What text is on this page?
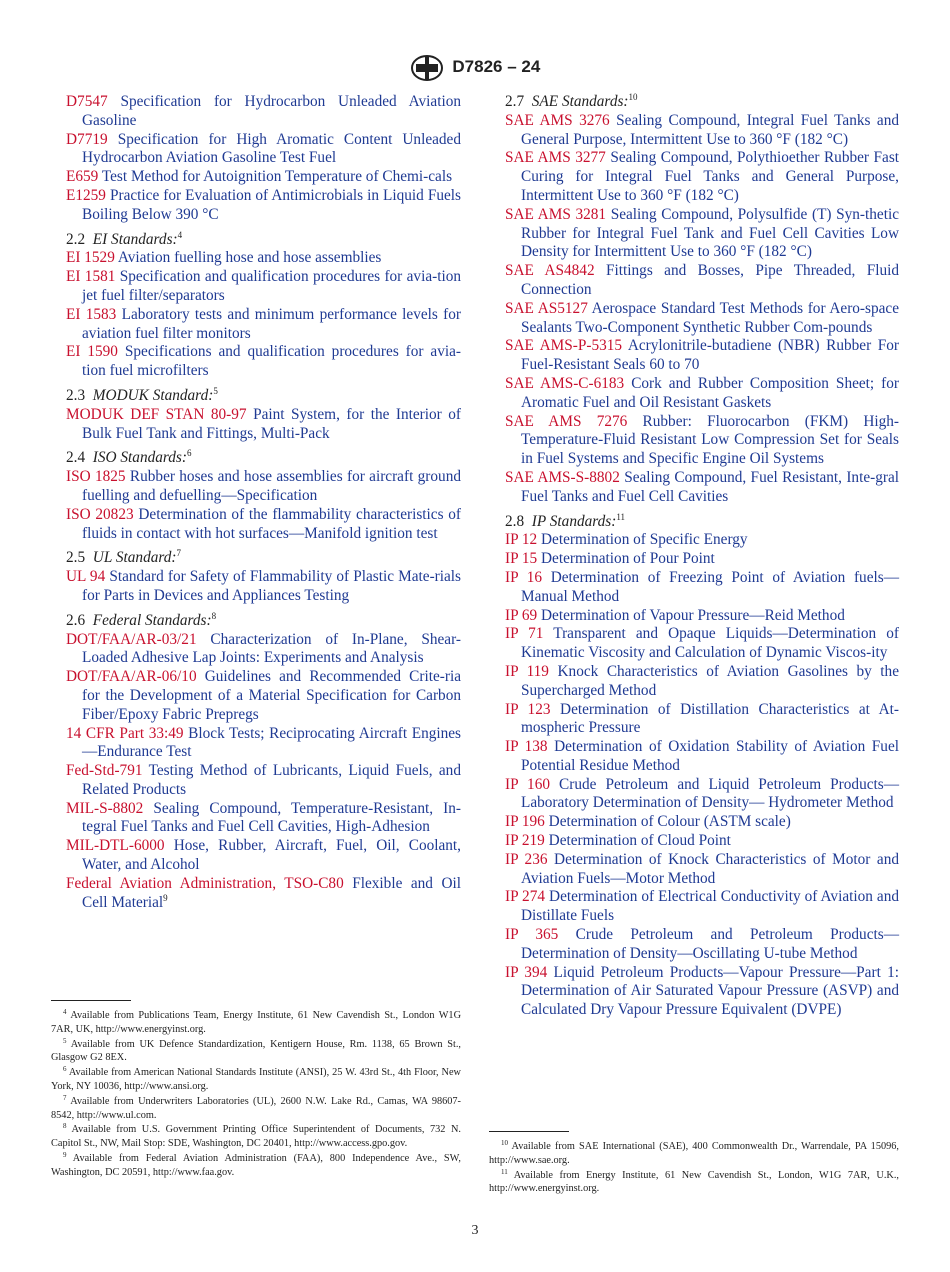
D7826 – 24

D7547 Specification for Hydrocarbon Unleaded Aviation Gasoline

D7719 Specification for High Aromatic Content Unleaded Hydrocarbon Aviation Gasoline Test Fuel

E659 Test Method for Autoignition Temperature of Chemi-cals

E1259 Practice for Evaluation of Antimicrobials in Liquid Fuels Boiling Below 390 °C

2.2 EI Standards:$^4$

EI 1529 Aviation fuelling hose and hose assemblies

EI 1581 Specification and qualification procedures for avia-tion jet fuel filter/separators

EI 1583 Laboratory tests and minimum performance levels for aviation fuel filter monitors

EI 1590 Specifications and qualification procedures for avia-tion fuel microfilters

2.3 MODUK Standard:$^5$

MODUK DEF STAN 80-97 Paint System, for the Interior of Bulk Fuel Tank and Fittings, Multi-Pack

2.4 ISO Standards:$^6$

ISO 1825 Rubber hoses and hose assemblies for aircraft ground fuelling and defuelling—Specification

ISO 20823 Determination of the flammability characteristics of fluids in contact with hot surfaces—Manifold ignition test

2.5 UL Standard:$^7$

UL 94 Standard for Safety of Flammability of Plastic Mate-rials for Parts in Devices and Appliances Testing

2.6 Federal Standards:$^8$

DOT/FAA/AR-03/21 Characterization of In-Plane, Shear-Loaded Adhesive Lap Joints: Experiments and Analysis

DOT/FAA/AR-06/10 Guidelines and Recommended Crite-ria for the Development of a Material Specification for Carbon Fiber/Epoxy Fabric Prepregs

14 CFR Part 33:49 Block Tests; Reciprocating Aircraft Engines—Endurance Test

Fed-Std-791 Testing Method of Lubricants, Liquid Fuels, and Related Products

MIL-S-8802 Sealing Compound, Temperature-Resistant, In-tegral Fuel Tanks and Fuel Cell Cavities, High-Adhesion

MIL-DTL-6000 Hose, Rubber, Aircraft, Fuel, Oil, Coolant, Water, and Alcohol

Federal Aviation Administration, TSO-C80 Flexible and Oil Cell Material$^9$

2.7 SAE Standards:$^{10}$

SAE AMS 3276 Sealing Compound, Integral Fuel Tanks and General Purpose, Intermittent Use to 360 °F (182 °C)

SAE AMS 3277 Sealing Compound, Polythioether Rubber Fast Curing for Integral Fuel Tanks and General Purpose, Intermittent Use to 360 °F (182 °C)

SAE AMS 3281 Sealing Compound, Polysulfide (T) Syn-thetic Rubber for Integral Fuel Tank and Fuel Cell Cavities Low Density for Intermittent Use to 360 °F (182 °C)

SAE AS4842 Fittings and Bosses, Pipe Threaded, Fluid Connection

SAE AS5127 Aerospace Standard Test Methods for Aero-space Sealants Two-Component Synthetic Rubber Com-pounds

SAE AMS-P-5315 Acrylonitrile-butadiene (NBR) Rubber For Fuel-Resistant Seals 60 to 70

SAE AMS-C-6183 Cork and Rubber Composition Sheet; for Aromatic Fuel and Oil Resistant Gaskets

SAE AMS 7276 Rubber: Fluorocarbon (FKM) High-Temperature-Fluid Resistant Low Compression Set for Seals in Fuel Systems and Specific Engine Oil Systems

SAE AMS-S-8802 Sealing Compound, Fuel Resistant, Inte-gral Fuel Tanks and Fuel Cell Cavities

2.8 IP Standards:$^{11}$

IP 12 Determination of Specific Energy

IP 15 Determination of Pour Point

IP 16 Determination of Freezing Point of Aviation fuels—Manual Method

IP 69 Determination of Vapour Pressure—Reid Method

IP 71 Transparent and Opaque Liquids—Determination of Kinematic Viscosity and Calculation of Dynamic Viscos-ity

IP 119 Knock Characteristics of Aviation Gasolines by the Supercharged Method

IP 123 Determination of Distillation Characteristics at At-mospheric Pressure

IP 138 Determination of Oxidation Stability of Aviation Fuel Potential Residue Method

IP 160 Crude Petroleum and Liquid Petroleum Products—Laboratory Determination of Density— Hydrometer Method

IP 196 Determination of Colour (ASTM scale)

IP 219 Determination of Cloud Point

IP 236 Determination of Knock Characteristics of Motor and Aviation Fuels—Motor Method

IP 274 Determination of Electrical Conductivity of Aviation and Distillate Fuels

IP 365 Crude Petroleum and Petroleum Products—Determination of Density—Oscillating U-tube Method

IP 394 Liquid Petroleum Products—Vapour Pressure—Part 1: Determination of Air Saturated Vapour Pressure (ASVP) and Calculated Dry Vapour Pressure Equivalent (DVPE)

$^4$ Available from Publications Team, Energy Institute, 61 New Cavendish St., London W1G 7AR, UK, http://www.energyinst.org.

$^5$ Available from UK Defence Standardization, Kentigern House, Rm. 1138, 65 Brown St., Glasgow G2 8EX.

$^6$ Available from American National Standards Institute (ANSI), 25 W. 43rd St., 4th Floor, New York, NY 10036, http://www.ansi.org.

$^7$ Available from Underwriters Laboratories (UL), 2600 N.W. Lake Rd., Camas, WA 98607-8542, http://www.ul.com.

$^8$ Available from U.S. Government Printing Office Superintendent of Documents, 732 N. Capitol St., NW, Mail Stop: SDE, Washington, DC 20401, http://www.access.gpo.gov.

$^9$ Available from Federal Aviation Administration (FAA), 800 Independence Ave., SW, Washington, DC 20591, http://www.faa.gov.

$^{10}$ Available from SAE International (SAE), 400 Commonwealth Dr., Warrendale, PA 15096, http://www.sae.org.

$^{11}$ Available from Energy Institute, 61 New Cavendish St., London, W1G 7AR, U.K., http://www.energyinst.org.

3
